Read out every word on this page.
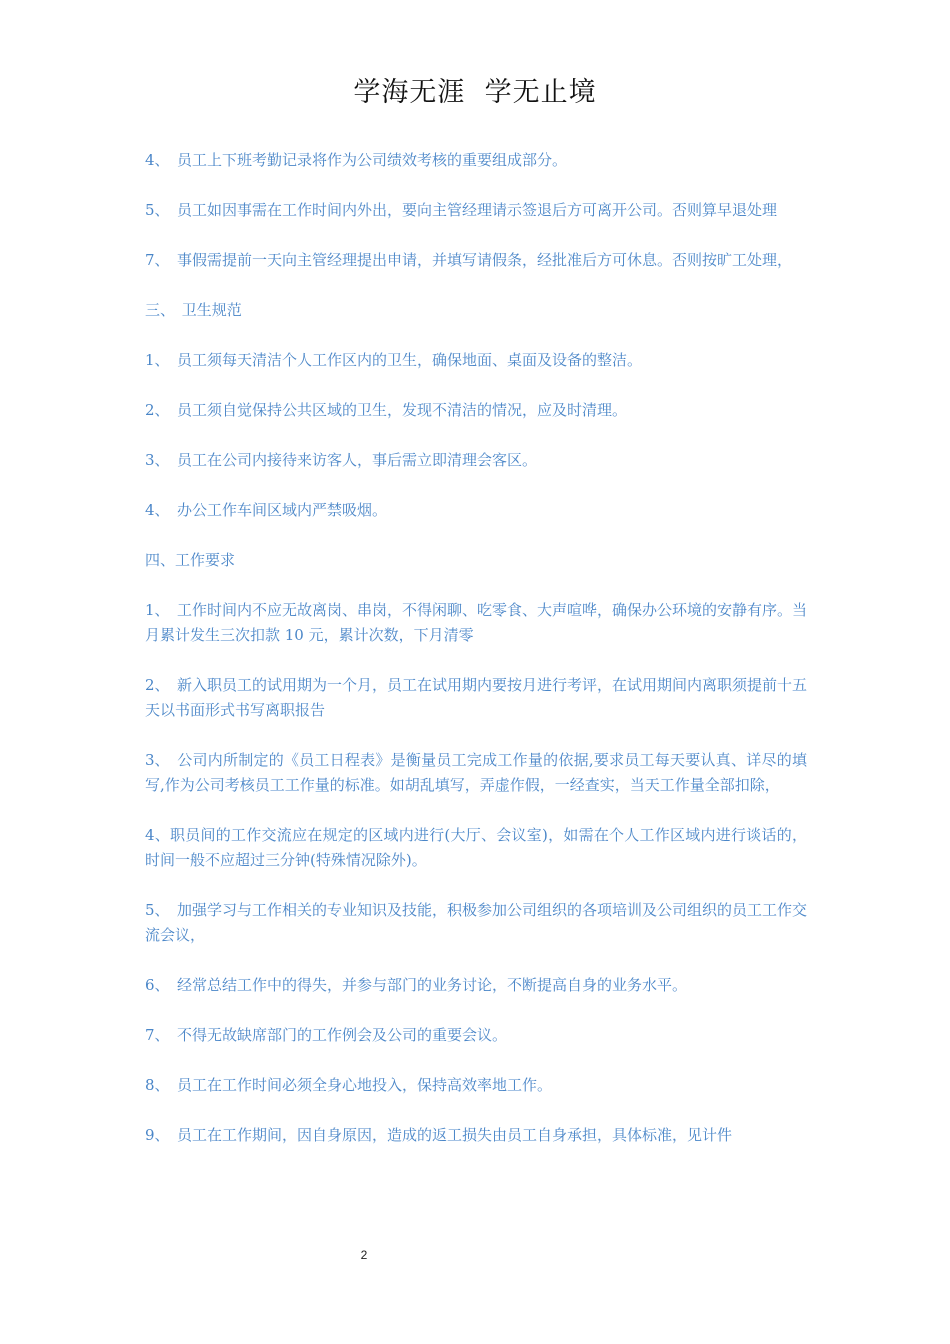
学海无涯  学无止境

4、 员工上下班考勤记录将作为公司绩效考核的重要组成部分。

5、 员工如因事需在工作时间内外出，要向主管经理请示签退后方可离开公司。否则算早退处理

7、 事假需提前一天向主管经理提出申请，并填写请假条，经批准后方可休息。否则按旷工处理，

三、 卫生规范

1、 员工须每天清洁个人工作区内的卫生，确保地面、桌面及设备的整洁。

2、 员工须自觉保持公共区域的卫生，发现不清洁的情况，应及时清理。

3、 员工在公司内接待来访客人，事后需立即清理会客区。

4、 办公工作车间区域内严禁吸烟。

四、工作要求

1、 工作时间内不应无故离岗、串岗，不得闲聊、吃零食、大声喧哗，确保办公环境的安静有序。当月累计发生三次扣款 10 元，累计次数，下月清零

2、 新入职员工的试用期为一个月，员工在试用期内要按月进行考评，在试用期间内离职须提前十五天以书面形式书写离职报告

3、 公司内所制定的《员工日程表》是衡量员工完成工作量的依据,要求员工每天要认真、详尽的填写,作为公司考核员工工作量的标准。如胡乱填写，弄虚作假，一经查实，当天工作量全部扣除，

4、职员间的工作交流应在规定的区域内进行(大厅、会议室)，如需在个人工作区域内进行谈话的，时间一般不应超过三分钟(特殊情况除外)。

5、 加强学习与工作相关的专业知识及技能，积极参加公司组织的各项培训及公司组织的员工工作交流会议，

6、 经常总结工作中的得失，并参与部门的业务讨论，不断提高自身的业务水平。

7、 不得无故缺席部门的工作例会及公司的重要会议。

8、 员工在工作时间必须全身心地投入，保持高效率地工作。

9、 员工在工作期间，因自身原因，造成的返工损失由员工自身承担，具体标准，见计件

2
